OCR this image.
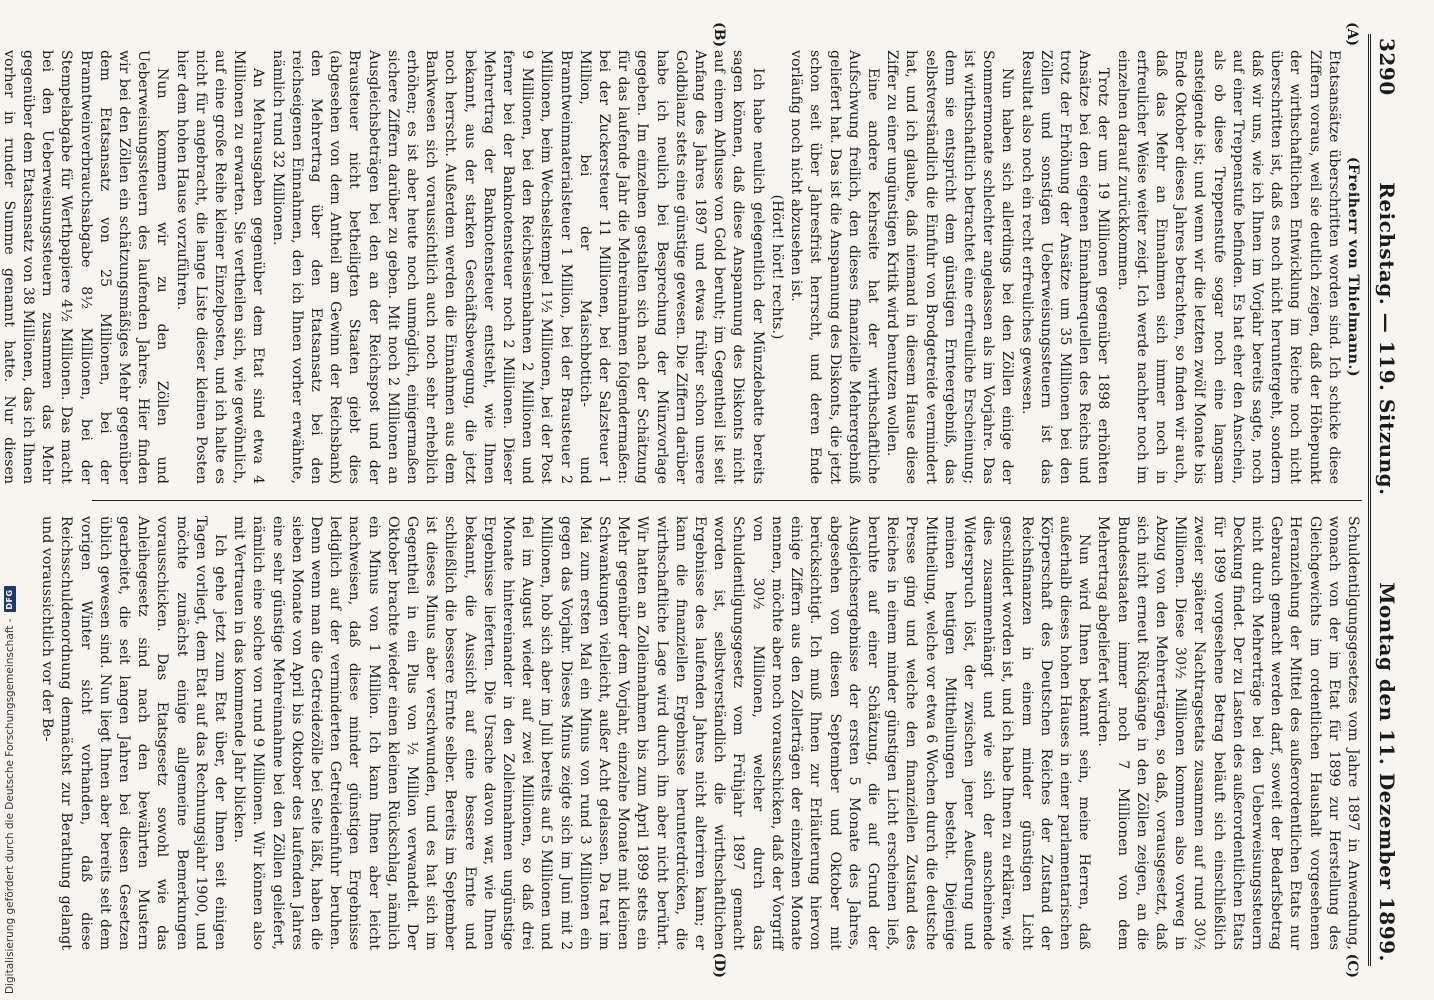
3290
Reichstag. — 119. Sitzung.
Montag den 11. Dezember 1899.
(A)
(B)
(C)
(D)

(Freiherr von Thielmann.)

Etatsansätze überschritten worden sind. Ich schicke diese Ziffern voraus, weil sie deutlich zeigen, daß der Höhepunkt der wirthschaftlichen Entwicklung im Reiche noch nicht überschritten ist, daß es noch nicht heruntergeht, sondern daß wir uns, wie ich Ihnen im Vorjahr bereits sagte, noch auf einer Treppenstufe befinden. Es hat eher den Anschein, als ob diese Treppenstufe sogar noch eine langsam ansteigende ist; und wenn wir die letzten zwölf Monate bis Ende Oktober dieses Jahres betrachten, so finden wir auch, daß das Mehr an Einnahmen sich immer noch in erfreulicher Weise weiter zeigt. Ich werde nachher noch im einzelnen darauf zurückkommen.

Trotz der um 19 Millionen gegenüber 1898 erhöhten Ansätze bei den eigenen Einnahmequellen des Reichs und trotz der Erhöhung der Ansätze um 35 Millionen bei den Zöllen und sonstigen Ueberweisungssteuern ist das Resultat also noch ein recht erfreuliches gewesen.

Nun haben sich allerdings bei den Zöllen einige der Sommermonate schlechter angelassen als im Vorjahre. Das ist wirthschaftlich betrachtet eine erfreuliche Erscheinung; denn sie entspricht dem günstigen Ernteergebniß, das selbstverständlich die Einfuhr von Brodgetreide vermindert hat, und ich glaube, daß niemand in diesem Hause diese Ziffer zu einer ungünstigen Kritik wird benutzen wollen.

Eine andere Kehrseite hat der wirthschaftliche Aufschwung freilich, den dieses finanzielle Mehrergebniß geliefert hat. Das ist die Anspannung des Diskonts, die jetzt schon seit über Jahresfrist herrscht, und deren Ende vorläufig noch nicht abzusehen ist.

(Hört! hört! rechts.)

Ich habe neulich gelegentlich der Münzdebatte bereits sagen können, daß diese Anspannung des Diskonts nicht auf einem Abflusse von Gold beruht; im Gegentheil ist seit Anfang des Jahres 1897 und etwas früher schon unsere Goldbilanz stets eine günstige gewesen. Die Ziffern darüber habe ich neulich bei Besprechung der Münzvorlage gegeben. Im einzelnen gestalten sich nach der Schätzung für das laufende Jahr die Mehreinnahmen folgendermaßen: bei der Zuckersteuer 11 Millionen, bei der Salzsteuer 1 Million, bei der Maischbottich- und Branntweinmaterialsteuer 1 Million, bei der Brausteuer 2 Millionen, beim Wechselstempel 1½ Millionen, bei der Post 9 Millionen, bei den Reichseisenbahnen 2 Millionen und ferner bei der Banknotensteuer noch 2 Millionen. Dieser Mehrertrag der Banknotensteuer entsteht, wie Ihnen bekannt, aus der starken Geschäftsbewegung, die jetzt noch herrscht. Außerdem werden die Einnahmen aus dem Bankwesen sich voraussichtlich auch noch sehr erheblich erhöhen; es ist aber heute noch unmöglich, einigermaßen sichere Ziffern darüber zu geben. Mit noch 2 Millionen an Ausgleichsbeträgen bei den an der Reichspost und der Brausteuer nicht betheiligten Staaten giebt dies (abgesehen von dem Antheil am Gewinn der Reichsbank) den Mehrertrag über den Etatsansatz bei den reichseigenen Einnahmen, den ich Ihnen vorher erwähnte, nämlich rund 32 Millionen.

An Mehrausgaben gegenüber dem Etat sind etwa 4 Millionen zu erwarten. Sie vertheilen sich, wie gewöhnlich, auf eine große Reihe kleiner Einzelposten, und ich halte es nicht für angebracht, die lange Liste dieser kleinen Posten hier dem hohen Hause vorzuführen.

Nun kommen wir zu den Zöllen und Ueberweisungssteuern des laufenden Jahres. Hier finden wir bei den Zöllen ein schätzungsmäßiges Mehr gegenüber dem Etatsansatz von 25 Millionen, bei der Branntweinverbrauchsabgabe 8½ Millionen, bei der Stempelabgabe für Werthpapiere 4½ Millionen. Das macht bei den Ueberweisungssteuern zusammen das Mehr gegenüber dem Etatsansatz von 38 Millionen, das ich Ihnen vorher in runder Summe genannt hatte. Nur diesen

Schuldentilgungsgesetzes vom Jahre 1897 in Anwendung, wonach von der im Etat für 1899 zur Herstellung des Gleichgewichts im ordentlichen Haushalt vorgesehenen Heranziehung der Mittel des außerordentlichen Etats nur Gebrauch gemacht werden darf, soweit der Bedarfsbetrag nicht durch Mehrerträge bei den Ueberweisungssteuern Deckung findet. Der zu Lasten des außerordentlichen Etats für 1899 vorgesehene Betrag beläuft sich einschließlich zweier späterer Nachtragsetats zusammen auf rund 30½ Millionen. Diese 30½ Millionen kommen also vorweg in Abzug von den Mehrerträgen, so daß, vorausgesetzt, daß sich nicht erneut Rückgänge in den Zöllen zeigen, an die Bundesstaaten immer noch 7 Millionen von dem Mehrertrag abgeliefert würden.

Nun wird Ihnen bekannt sein, meine Herren, daß außerhalb dieses hohen Hauses in einer parlamentarischen Körperschaft des Deutschen Reiches der Zustand der Reichsfinanzen in einem minder günstigen Licht geschildert worden ist, und ich habe Ihnen zu erklären, wie dies zusammenhängt und wie sich der anscheinende Widerspruch löst, der zwischen jener Aeußerung und meinen heutigen Mittheilungen besteht. Diejenige Mittheilung, welche vor etwa 6 Wochen durch die deutsche Presse ging und welche den finanziellen Zustand des Reiches in einem minder günstigen Licht erscheinen ließ, beruhte auf einer Schätzung, die auf Grund der Ausgleichsergebnisse der ersten 5 Monate des Jahres, abgesehen von diesen September und Oktober mit berücksichtigt. Ich muß Ihnen zur Erläuterung hiervon einige Ziffern aus den Zollerträgen der einzelnen Monate nennen, möchte aber noch vorausschicken, daß der Vorgriff von 30½ Millionen, welcher durch das Schuldentilgungsgesetz vom Frühjahr 1897 gemacht worden ist, selbstverständlich die wirthschaftlichen Ergebnisse des laufenden Jahres nicht alteriren kann; er kann die finanziellen Ergebnisse herunterdrücken, die wirthschaftliche Lage wird durch ihn aber nicht berührt. Wir hatten an Zolleinnahmen bis zum April 1899 stets ein Mehr gegenüber dem Vorjahr, einzelne Monate mit kleinen Schwankungen vielleicht, außer Acht gelassen. Da trat im Mai zum ersten Mal ein Minus von rund 3 Millionen ein gegen das Vorjahr. Dieses Minus zeigte sich im Juni mit 2 Millionen, hob sich aber im Juli bereits auf 5 Millionen und fiel im August wieder auf zwei Millionen, so daß drei Monate hintereinander in den Zolleinnahmen ungünstige Ergebnisse lieferten. Die Ursache davon war, wie Ihnen bekannt, die Aussicht auf eine bessere Ernte und schließlich die bessere Ernte selber. Bereits im September ist dieses Minus aber verschwunden, und es hat sich im Gegentheil in ein Plus von ½ Million verwandelt. Der Oktober brachte wieder einen kleinen Rückschlag, nämlich ein Minus von 1 Million. Ich kann Ihnen aber leicht nachweisen, daß diese minder günstigen Ergebnisse lediglich auf der verminderten Getreideeinfuhr beruhen. Denn wenn man die Getreidezölle bei Seite läßt, haben die sieben Monate von April bis Oktober des laufenden Jahres eine sehr günstige Mehreinnahme bei den Zöllen geliefert, nämlich eine solche von rund 9 Millionen. Wir können also mit Vertrauen in das kommende Jahr blicken.

Ich gehe jetzt zum Etat über, der Ihnen seit einigen Tagen vorliegt, dem Etat auf das Rechnungsjahr 1900, und möchte zunächst einige allgemeine Bemerkungen vorausschicken. Das Etatsgesetz sowohl wie das Anleihegesetz sind nach den bewährten Mustern gearbeitet, die seit langen Jahren bei diesen Gesetzen üblich gewesen sind. Nun liegt Ihnen aber bereits seit dem vorigen Winter sicht vorhanden, daß diese Reichsschuldenordnung demnächst zur Berathung gelangt und voraussichtlich vor der Be-

Digitalisierung gefördert durch die Deutsche Forschungsgemeinschaft -
DFG
